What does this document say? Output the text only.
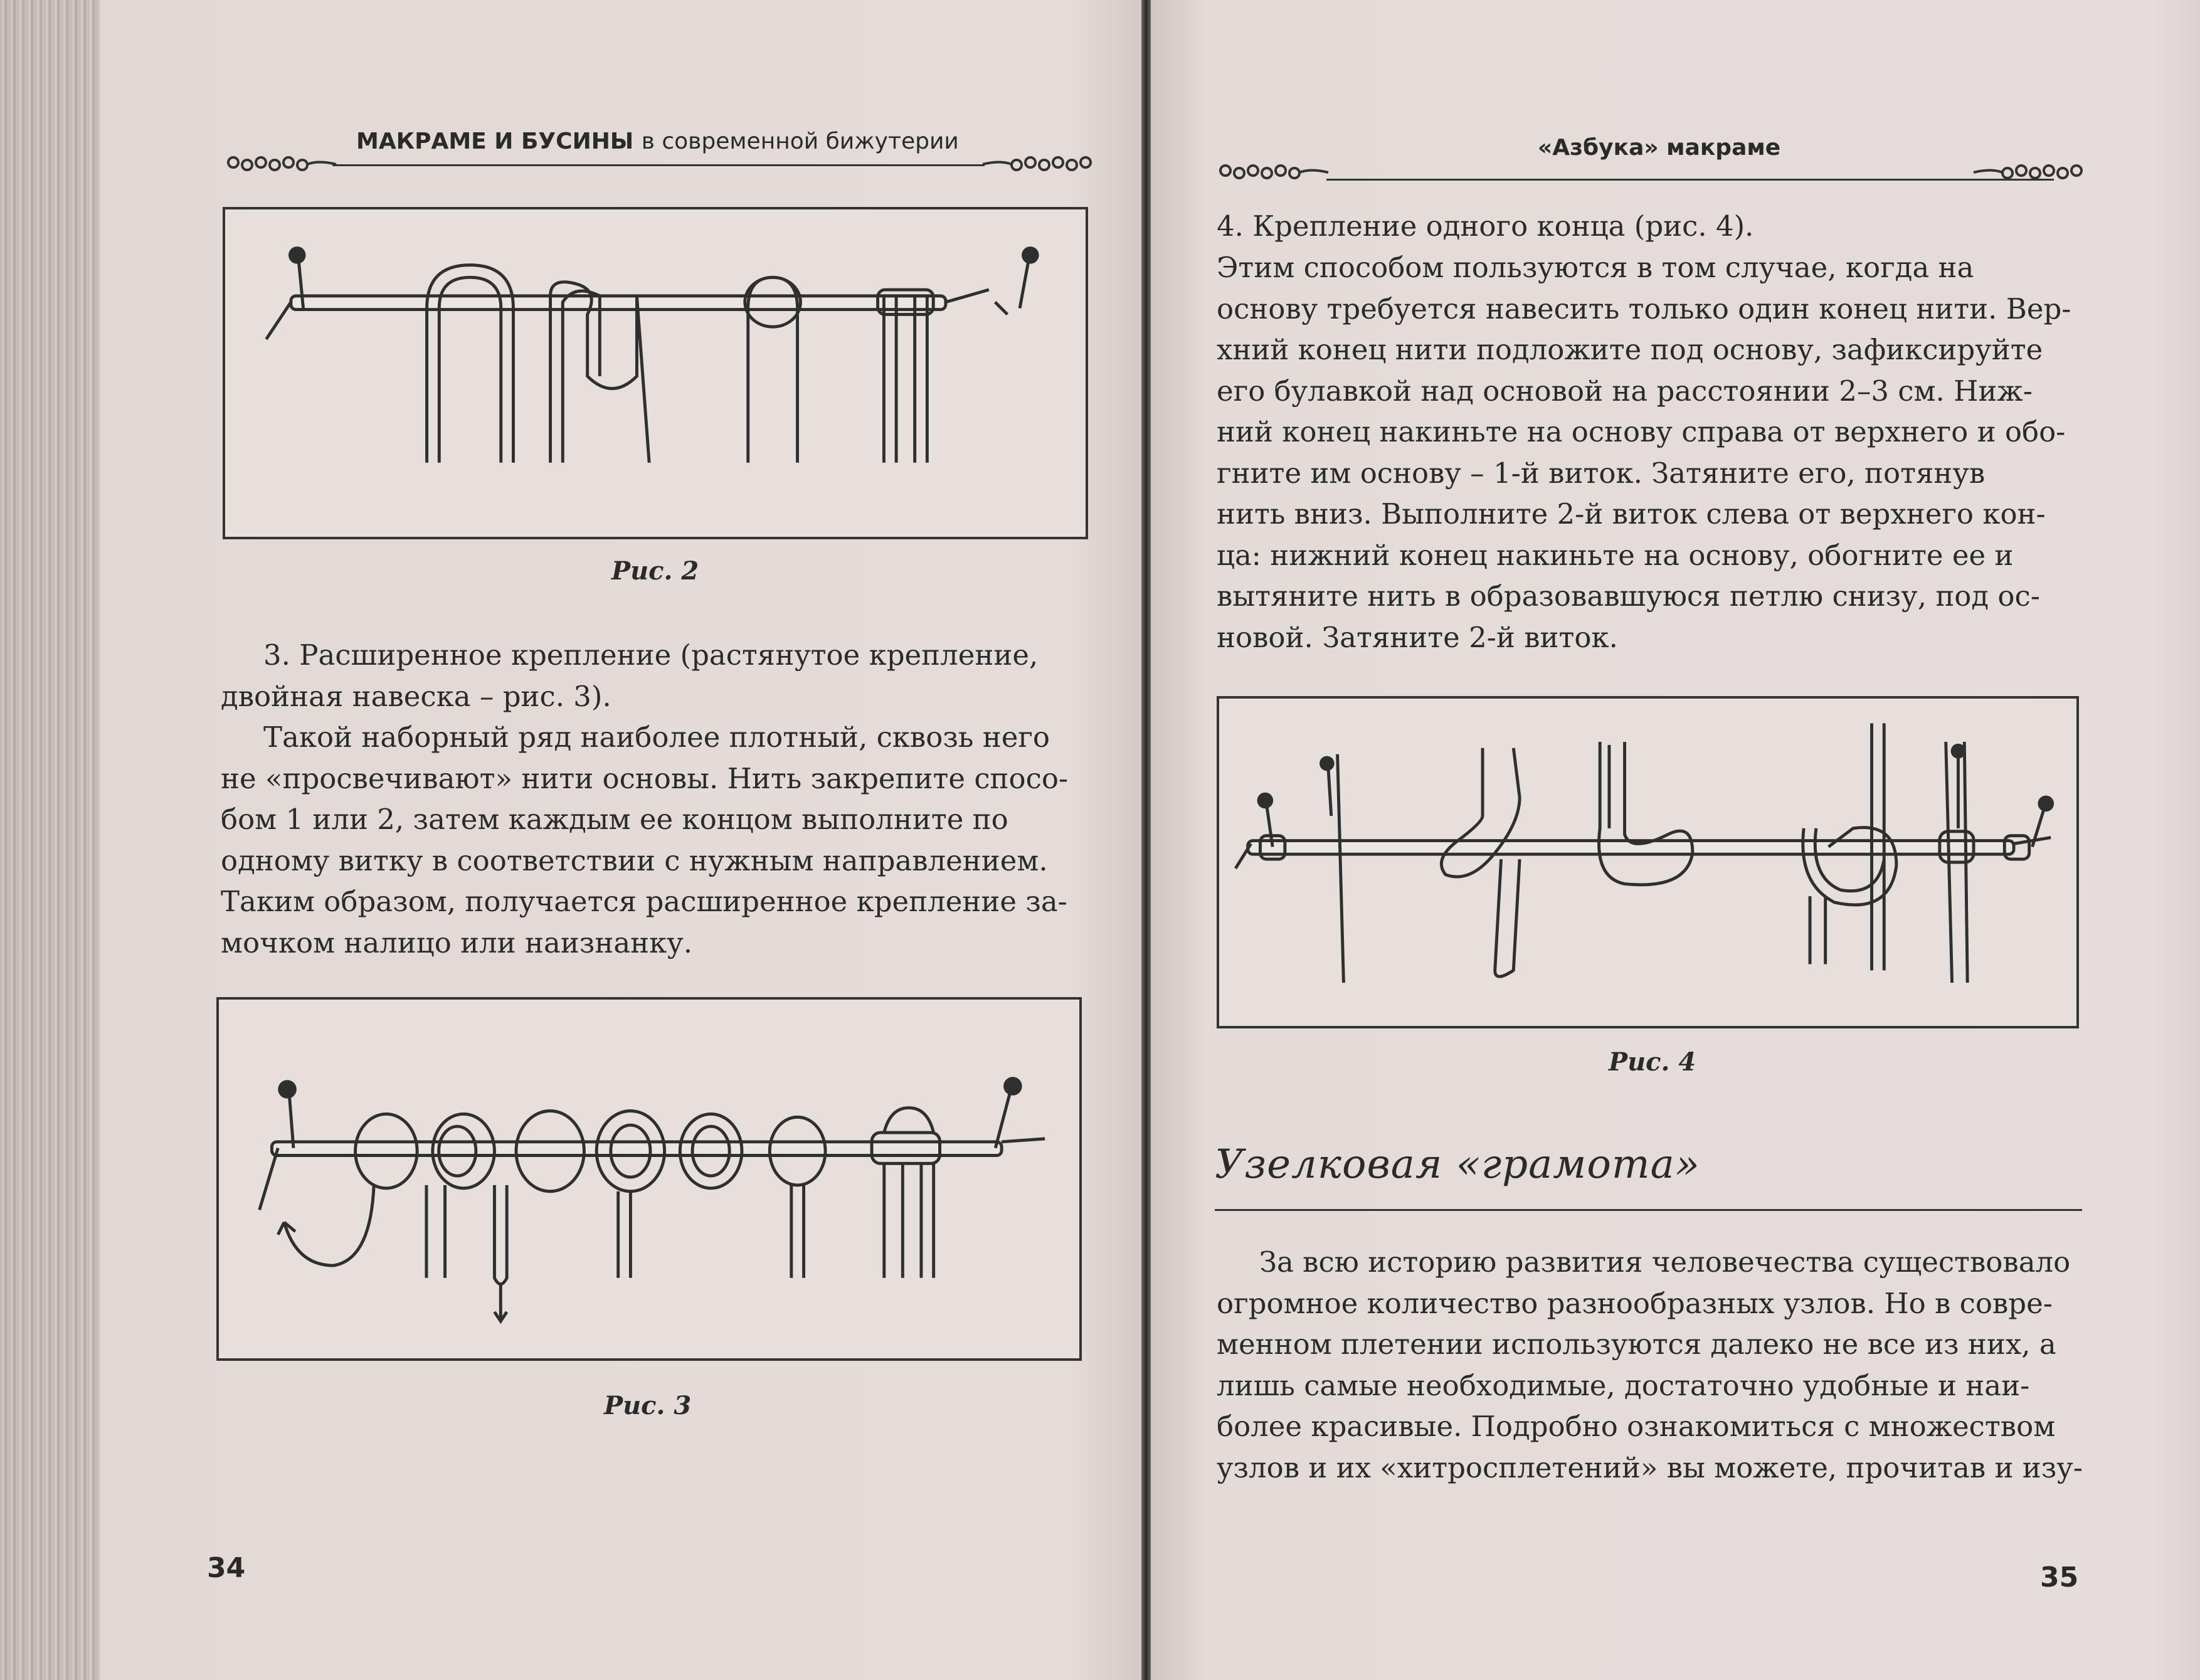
МАКРАМЕ И БУСИНЫ в современной бижутерии
Рис. 2

3. Расширенное крепление (растянутое крепление,
двойная навеска – рис. 3).

Такой наборный ряд наиболее плотный, сквозь него
не «просвечивают» нити основы. Нить закрепите спосо-
бом 1 или 2, затем каждым ее концом выполните по
одному витку в соответствии с нужным направлением.
Таким образом, получается расширенное крепление за-
мочком налицо или наизнанку.

Рис. 3
34
«Азбука» макраме

4. Крепление одного конца (рис. 4).

Этим способом пользуются в том случае, когда на
основу требуется навесить только один конец нити. Вер-
хний конец нити подложите под основу, зафиксируйте
его булавкой над основой на расстоянии 2–3 см. Ниж-
ний конец накиньте на основу справа от верхнего и обо-
гните им основу – 1-й виток. Затяните его, потянув
нить вниз. Выполните 2-й виток слева от верхнего кон-
ца: нижний конец накиньте на основу, обогните ее и
вытяните нить в образовавшуюся петлю снизу, под ос-
новой. Затяните 2-й виток.

Рис. 4
Узелковая «грамота»

За всю историю развития человечества существовало
огромное количество разнообразных узлов. Но в совре-
менном плетении используются далеко не все из них, а
лишь самые необходимые, достаточно удобные и наи-
более красивые. Подробно ознакомиться с множеством
узлов и их «хитросплетений» вы можете, прочитав и изу-

35
